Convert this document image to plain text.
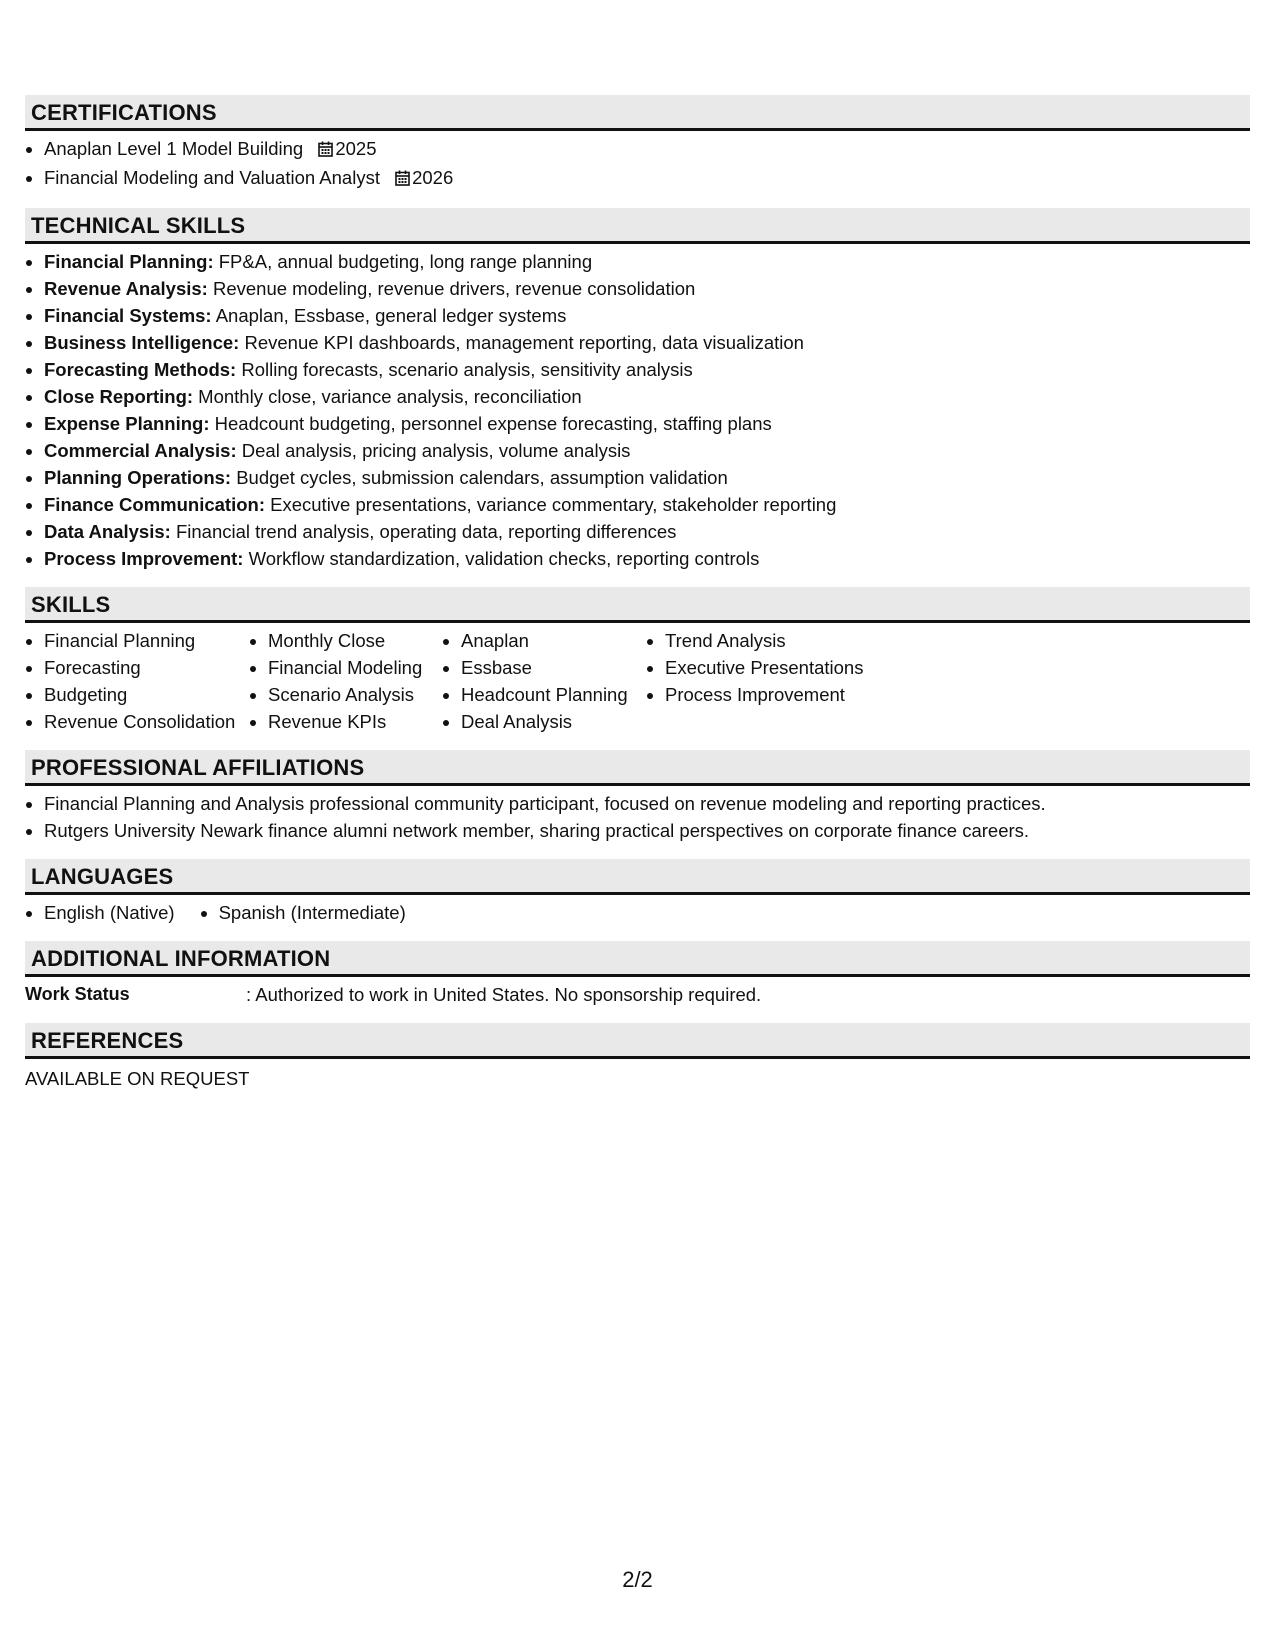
CERTIFICATIONS
• Anaplan Level 1 Model Building 2025
• Financial Modeling and Valuation Analyst 2026
TECHNICAL SKILLS
• Financial Planning: FP&A, annual budgeting, long range planning
• Revenue Analysis: Revenue modeling, revenue drivers, revenue consolidation
• Financial Systems: Anaplan, Essbase, general ledger systems
• Business Intelligence: Revenue KPI dashboards, management reporting, data visualization
• Forecasting Methods: Rolling forecasts, scenario analysis, sensitivity analysis
• Close Reporting: Monthly close, variance analysis, reconciliation
• Expense Planning: Headcount budgeting, personnel expense forecasting, staffing plans
• Commercial Analysis: Deal analysis, pricing analysis, volume analysis
• Planning Operations: Budget cycles, submission calendars, assumption validation
• Finance Communication: Executive presentations, variance commentary, stakeholder reporting
• Data Analysis: Financial trend analysis, operating data, reporting differences
• Process Improvement: Workflow standardization, validation checks, reporting controls
SKILLS
• Financial Planning
• Forecasting
• Budgeting
• Revenue Consolidation
• Monthly Close
• Financial Modeling
• Scenario Analysis
• Revenue KPIs
• Anaplan
• Essbase
• Headcount Planning
• Deal Analysis
• Trend Analysis
• Executive Presentations
• Process Improvement
PROFESSIONAL AFFILIATIONS
• Financial Planning and Analysis professional community participant, focused on revenue modeling and reporting practices.
• Rutgers University Newark finance alumni network member, sharing practical perspectives on corporate finance careers.
LANGUAGES
• English (Native)
• Spanish (Intermediate)
ADDITIONAL INFORMATION
Work Status	: Authorized to work in United States. No sponsorship required.
REFERENCES
AVAILABLE ON REQUEST
2/2
